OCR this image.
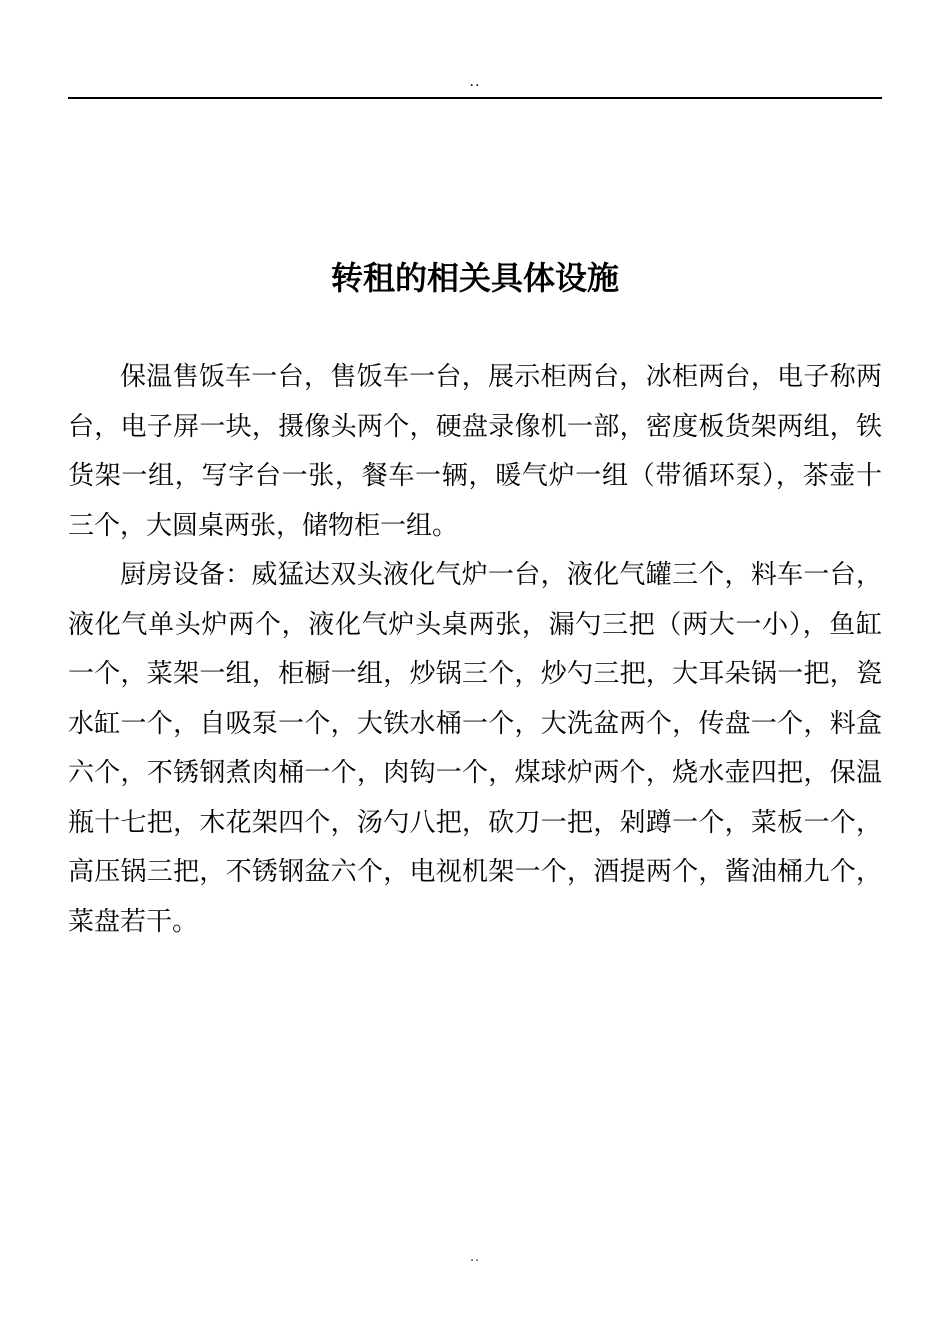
..
转租的相关具体设施

保温售饭车一台，售饭车一台，展示柜两台，冰柜两台，电子称两台，电子屏一块，摄像头两个，硬盘录像机一部，密度板货架两组，铁货架一组，写字台一张，餐车一辆，暖气炉一组（带循环泵），茶壶十三个，大圆桌两张，储物柜一组。

厨房设备：威猛达双头液化气炉一台，液化气罐三个，料车一台，液化气单头炉两个，液化气炉头桌两张，漏勺三把（两大一小），鱼缸一个，菜架一组，柜橱一组，炒锅三个，炒勺三把，大耳朵锅一把，瓷水缸一个，自吸泵一个，大铁水桶一个，大洗盆两个，传盘一个，料盒六个，不锈钢煮肉桶一个，肉钩一个，煤球炉两个，烧水壶四把，保温瓶十七把，木花架四个，汤勺八把，砍刀一把，剁蹲一个，菜板一个，高压锅三把，不锈钢盆六个，电视机架一个，酒提两个，酱油桶九个，菜盘若干。

..
